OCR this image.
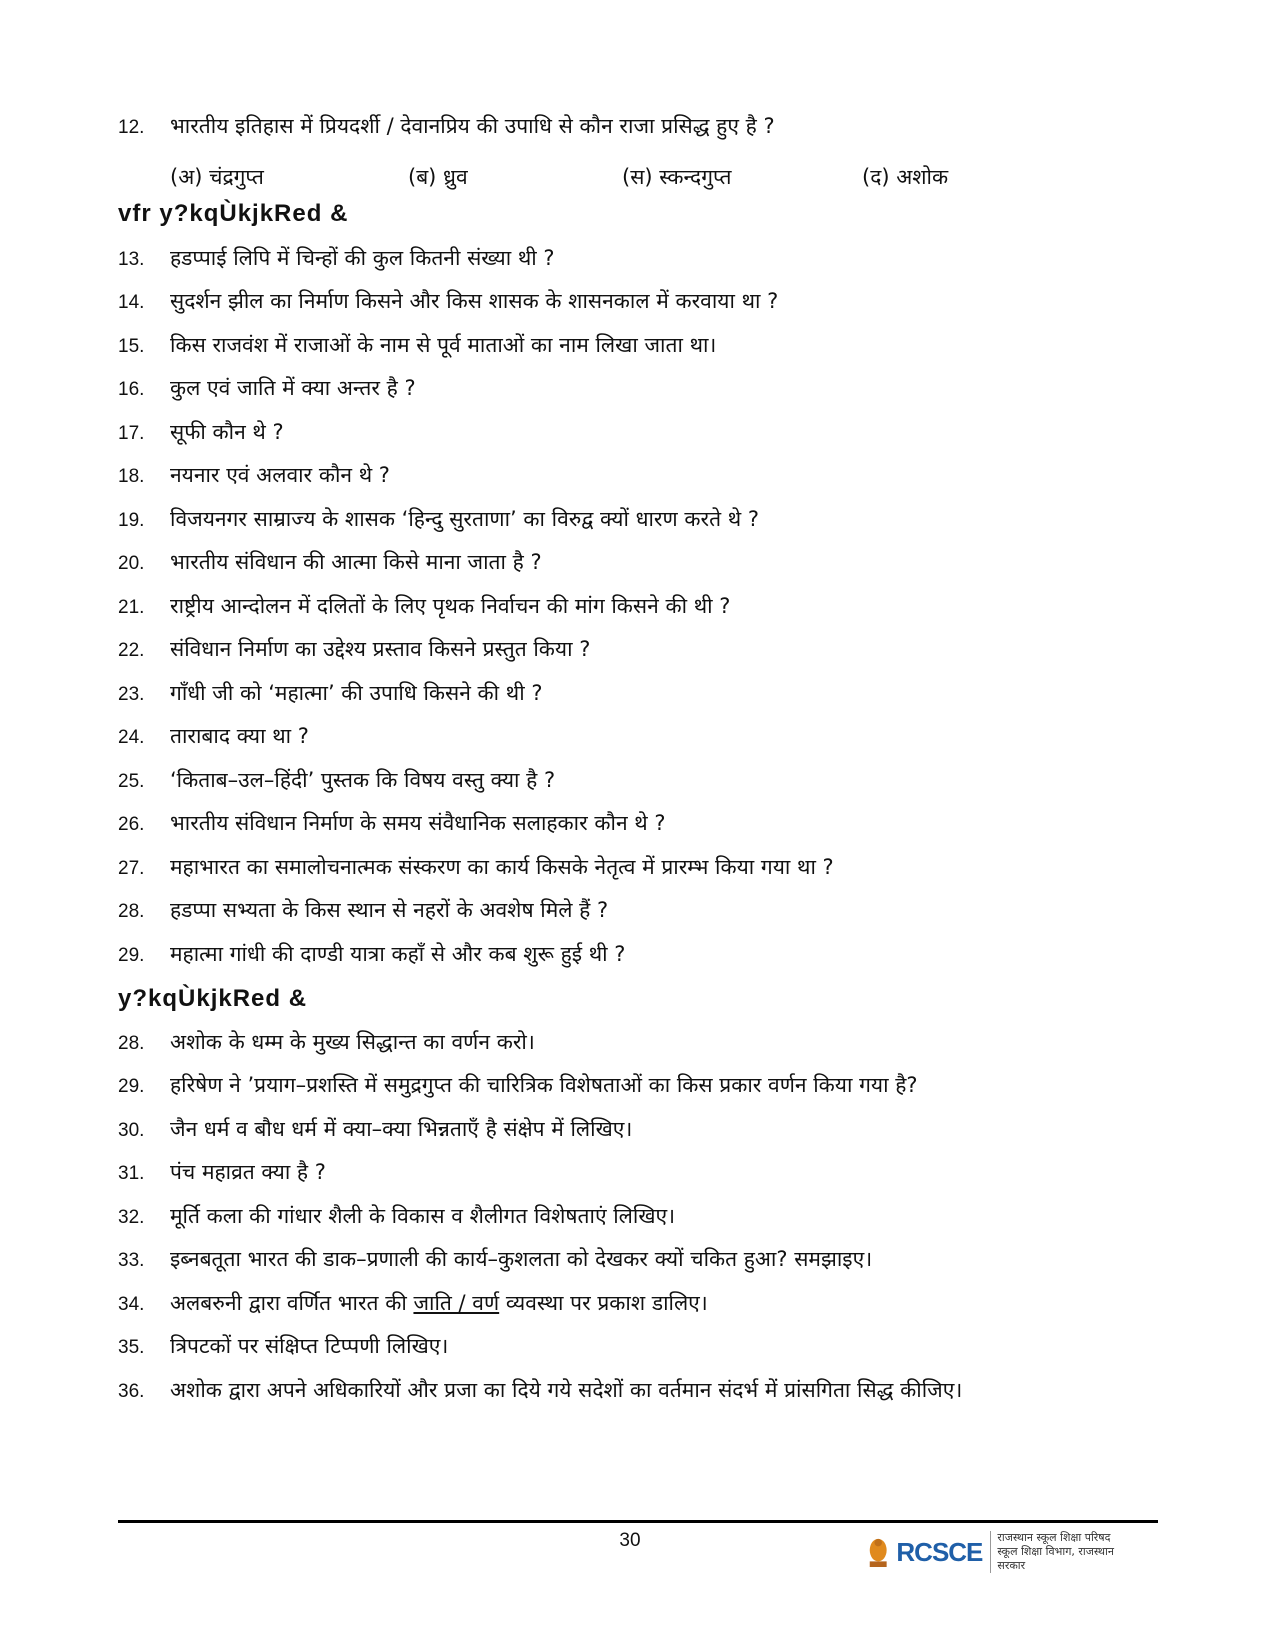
12.	भारतीय इतिहास में प्रियदर्शी / देवानप्रिय की उपाधि से कौन राजा प्रसिद्ध हुए है ?
(अ) चंद्रगुप्त	(ब) ध्रुव	(स) स्कन्दगुप्त	(द) अशोक
vfr y?kqÙkjkRed &
13.	हडप्पाई लिपि में चिन्हों की कुल कितनी संख्या थी ?
14.	सुदर्शन झील का निर्माण किसने और किस शासक के शासनकाल में करवाया था ?
15.	किस राजवंश में राजाओं के नाम से पूर्व माताओं का नाम लिखा जाता था।
16.	कुल एवं जाति में क्या अन्तर है ?
17.	सूफी कौन थे ?
18.	नयनार एवं अलवार कौन थे ?
19.	विजयनगर साम्राज्य के शासक ‘हिन्दु सुरताणा’ का विरुद्व क्यों धारण करते थे ?
20.	भारतीय संविधान की आत्मा किसे माना जाता है ?
21.	राष्ट्रीय आन्दोलन में दलितों के लिए पृथक निर्वाचन की मांग किसने की थी ?
22.	संविधान निर्माण का उद्देश्य प्रस्ताव किसने प्रस्तुत किया ?
23.	गाँधी जी को ‘महात्मा’ की उपाधि किसने की थी ?
24.	ताराबाद क्या था ?
25.	‘किताब–उल–हिंदी’ पुस्तक कि विषय वस्तु क्या है ?
26.	भारतीय संविधान निर्माण के समय संवैधानिक सलाहकार कौन थे ?
27.	महाभारत का समालोचनात्मक संस्करण का कार्य किसके नेतृत्व में प्रारम्भ किया गया था ?
28.	हडप्पा सभ्यता के किस स्थान से नहरों के अवशेष मिले हैं ?
29.	महात्मा गांधी की दाण्डी यात्रा कहाँ से और कब शुरू हुई थी ?
y?kqÙkjkRed &
28.	अशोक के धम्म के मुख्य सिद्धान्त का वर्णन करो।
29.	हरिषेण ने ’प्रयाग–प्रशस्ति में समुद्रगुप्त की चारित्रिक विशेषताओं का किस प्रकार वर्णन किया गया है?
30.	जैन धर्म व बौध धर्म में क्या–क्या भिन्नताएँ है संक्षेप में लिखिए।
31.	पंच महाव्रत क्या है ?
32.	मूर्ति कला की गांधार शैली के विकास व शैलीगत विशेषताएं लिखिए।
33.	इब्नबतूता भारत की डाक–प्रणाली की कार्य–कुशलता को देखकर क्यों चकित हुआ? समझाइए।
34.	अलबरुनी द्वारा वर्णित भारत की जाति / वर्ण व्यवस्था पर प्रकाश डालिए।
35.	त्रिपटकों पर संक्षिप्त टिप्पणी लिखिए।
36.	अशोक द्वारा अपने अधिकारियों और प्रजा का दिये गये सदेशों का वर्तमान संदर्भ में प्रांसगिता सिद्ध कीजिए।
30	RCSCE राजस्थान स्कूल शिक्षा परिषद
स्कूल शिक्षा विभाग, राजस्थान सरकार
